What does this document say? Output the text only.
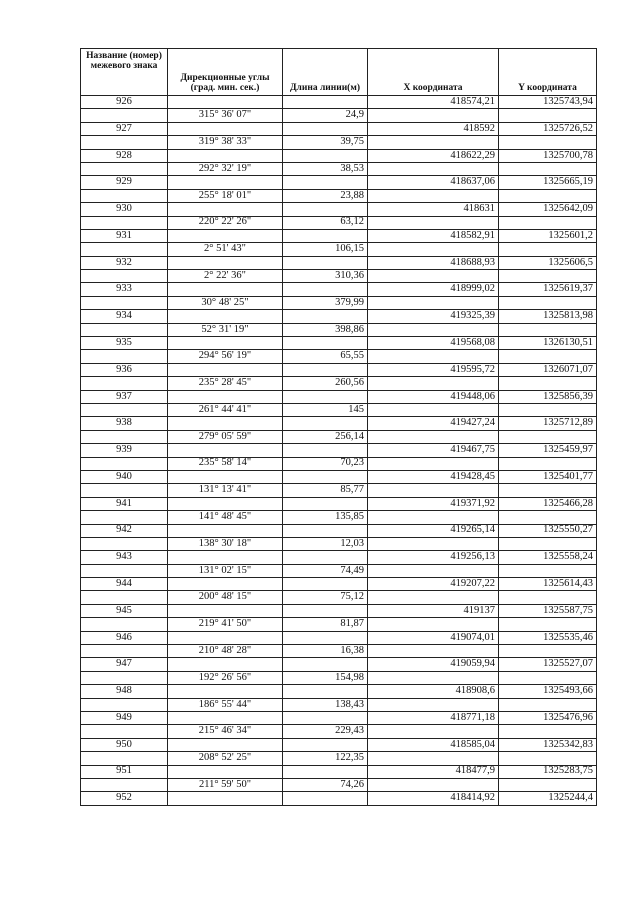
Название (номер) межевого знака	Дирекционные углы (град. мин. сек.)	Длина линии(м)	X координата	Y координата
926			418574,21	1325743,94
	315° 36' 07"	24,9		
927			418592	1325726,52
	319° 38' 33"	39,75		
928			418622,29	1325700,78
	292° 32' 19"	38,53		
929			418637,06	1325665,19
	255° 18' 01"	23,88		
930			418631	1325642,09
	220° 22' 26"	63,12		
931			418582,91	1325601,2
	2° 51' 43"	106,15		
932			418688,93	1325606,5
	2° 22' 36"	310,36		
933			418999,02	1325619,37
	30° 48' 25"	379,99		
934			419325,39	1325813,98
	52° 31' 19"	398,86		
935			419568,08	1326130,51
	294° 56' 19"	65,55		
936			419595,72	1326071,07
	235° 28' 45"	260,56		
937			419448,06	1325856,39
	261° 44' 41"	145		
938			419427,24	1325712,89
	279° 05' 59"	256,14		
939			419467,75	1325459,97
	235° 58' 14"	70,23		
940			419428,45	1325401,77
	131° 13' 41"	85,77		
941			419371,92	1325466,28
	141° 48' 45"	135,85		
942			419265,14	1325550,27
	138° 30' 18"	12,03		
943			419256,13	1325558,24
	131° 02' 15"	74,49		
944			419207,22	1325614,43
	200° 48' 15"	75,12		
945			419137	1325587,75
	219° 41' 50"	81,87		
946			419074,01	1325535,46
	210° 48' 28"	16,38		
947			419059,94	1325527,07
	192° 26' 56"	154,98		
948			418908,6	1325493,66
	186° 55' 44"	138,43		
949			418771,18	1325476,96
	215° 46' 34"	229,43		
950			418585,04	1325342,83
	208° 52' 25"	122,35		
951			418477,9	1325283,75
	211° 59' 50"	74,26		
952			418414,92	1325244,4
